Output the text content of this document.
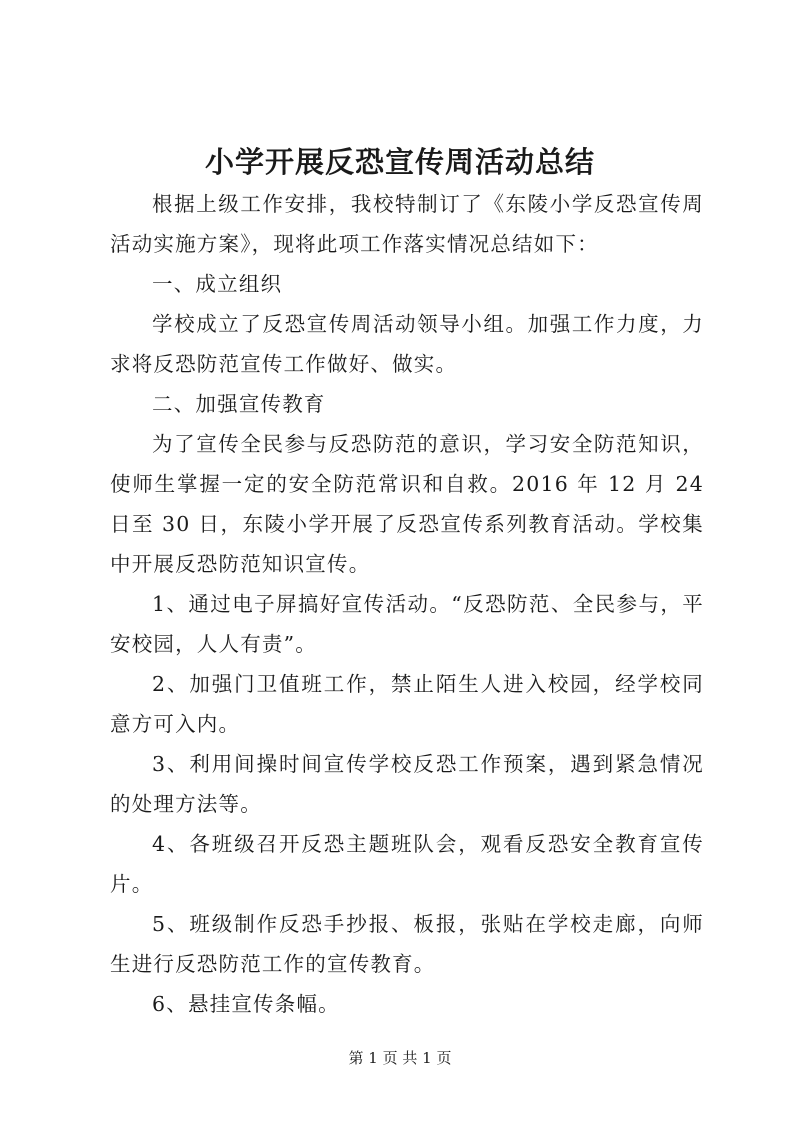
小学开展反恐宣传周活动总结

根据上级工作安排，我校特制订了《东陵小学反恐宣传周活动实施方案》，现将此项工作落实情况总结如下：

一、成立组织

学校成立了反恐宣传周活动领导小组。加强工作力度，力求将反恐防范宣传工作做好、做实。

二、加强宣传教育

为了宣传全民参与反恐防范的意识，学习安全防范知识，使师生掌握一定的安全防范常识和自救。2016 年 12 月 24 日至 30 日，东陵小学开展了反恐宣传系列教育活动。学校集中开展反恐防范知识宣传。

1、通过电子屏搞好宣传活动。“反恐防范、全民参与，平安校园，人人有责”。

2、加强门卫值班工作，禁止陌生人进入校园，经学校同意方可入内。

3、利用间操时间宣传学校反恐工作预案，遇到紧急情况的处理方法等。

4、各班级召开反恐主题班队会，观看反恐安全教育宣传片。

5、班级制作反恐手抄报、板报，张贴在学校走廊，向师生进行反恐防范工作的宣传教育。

6、悬挂宣传条幅。

第 1 页 共 1 页
